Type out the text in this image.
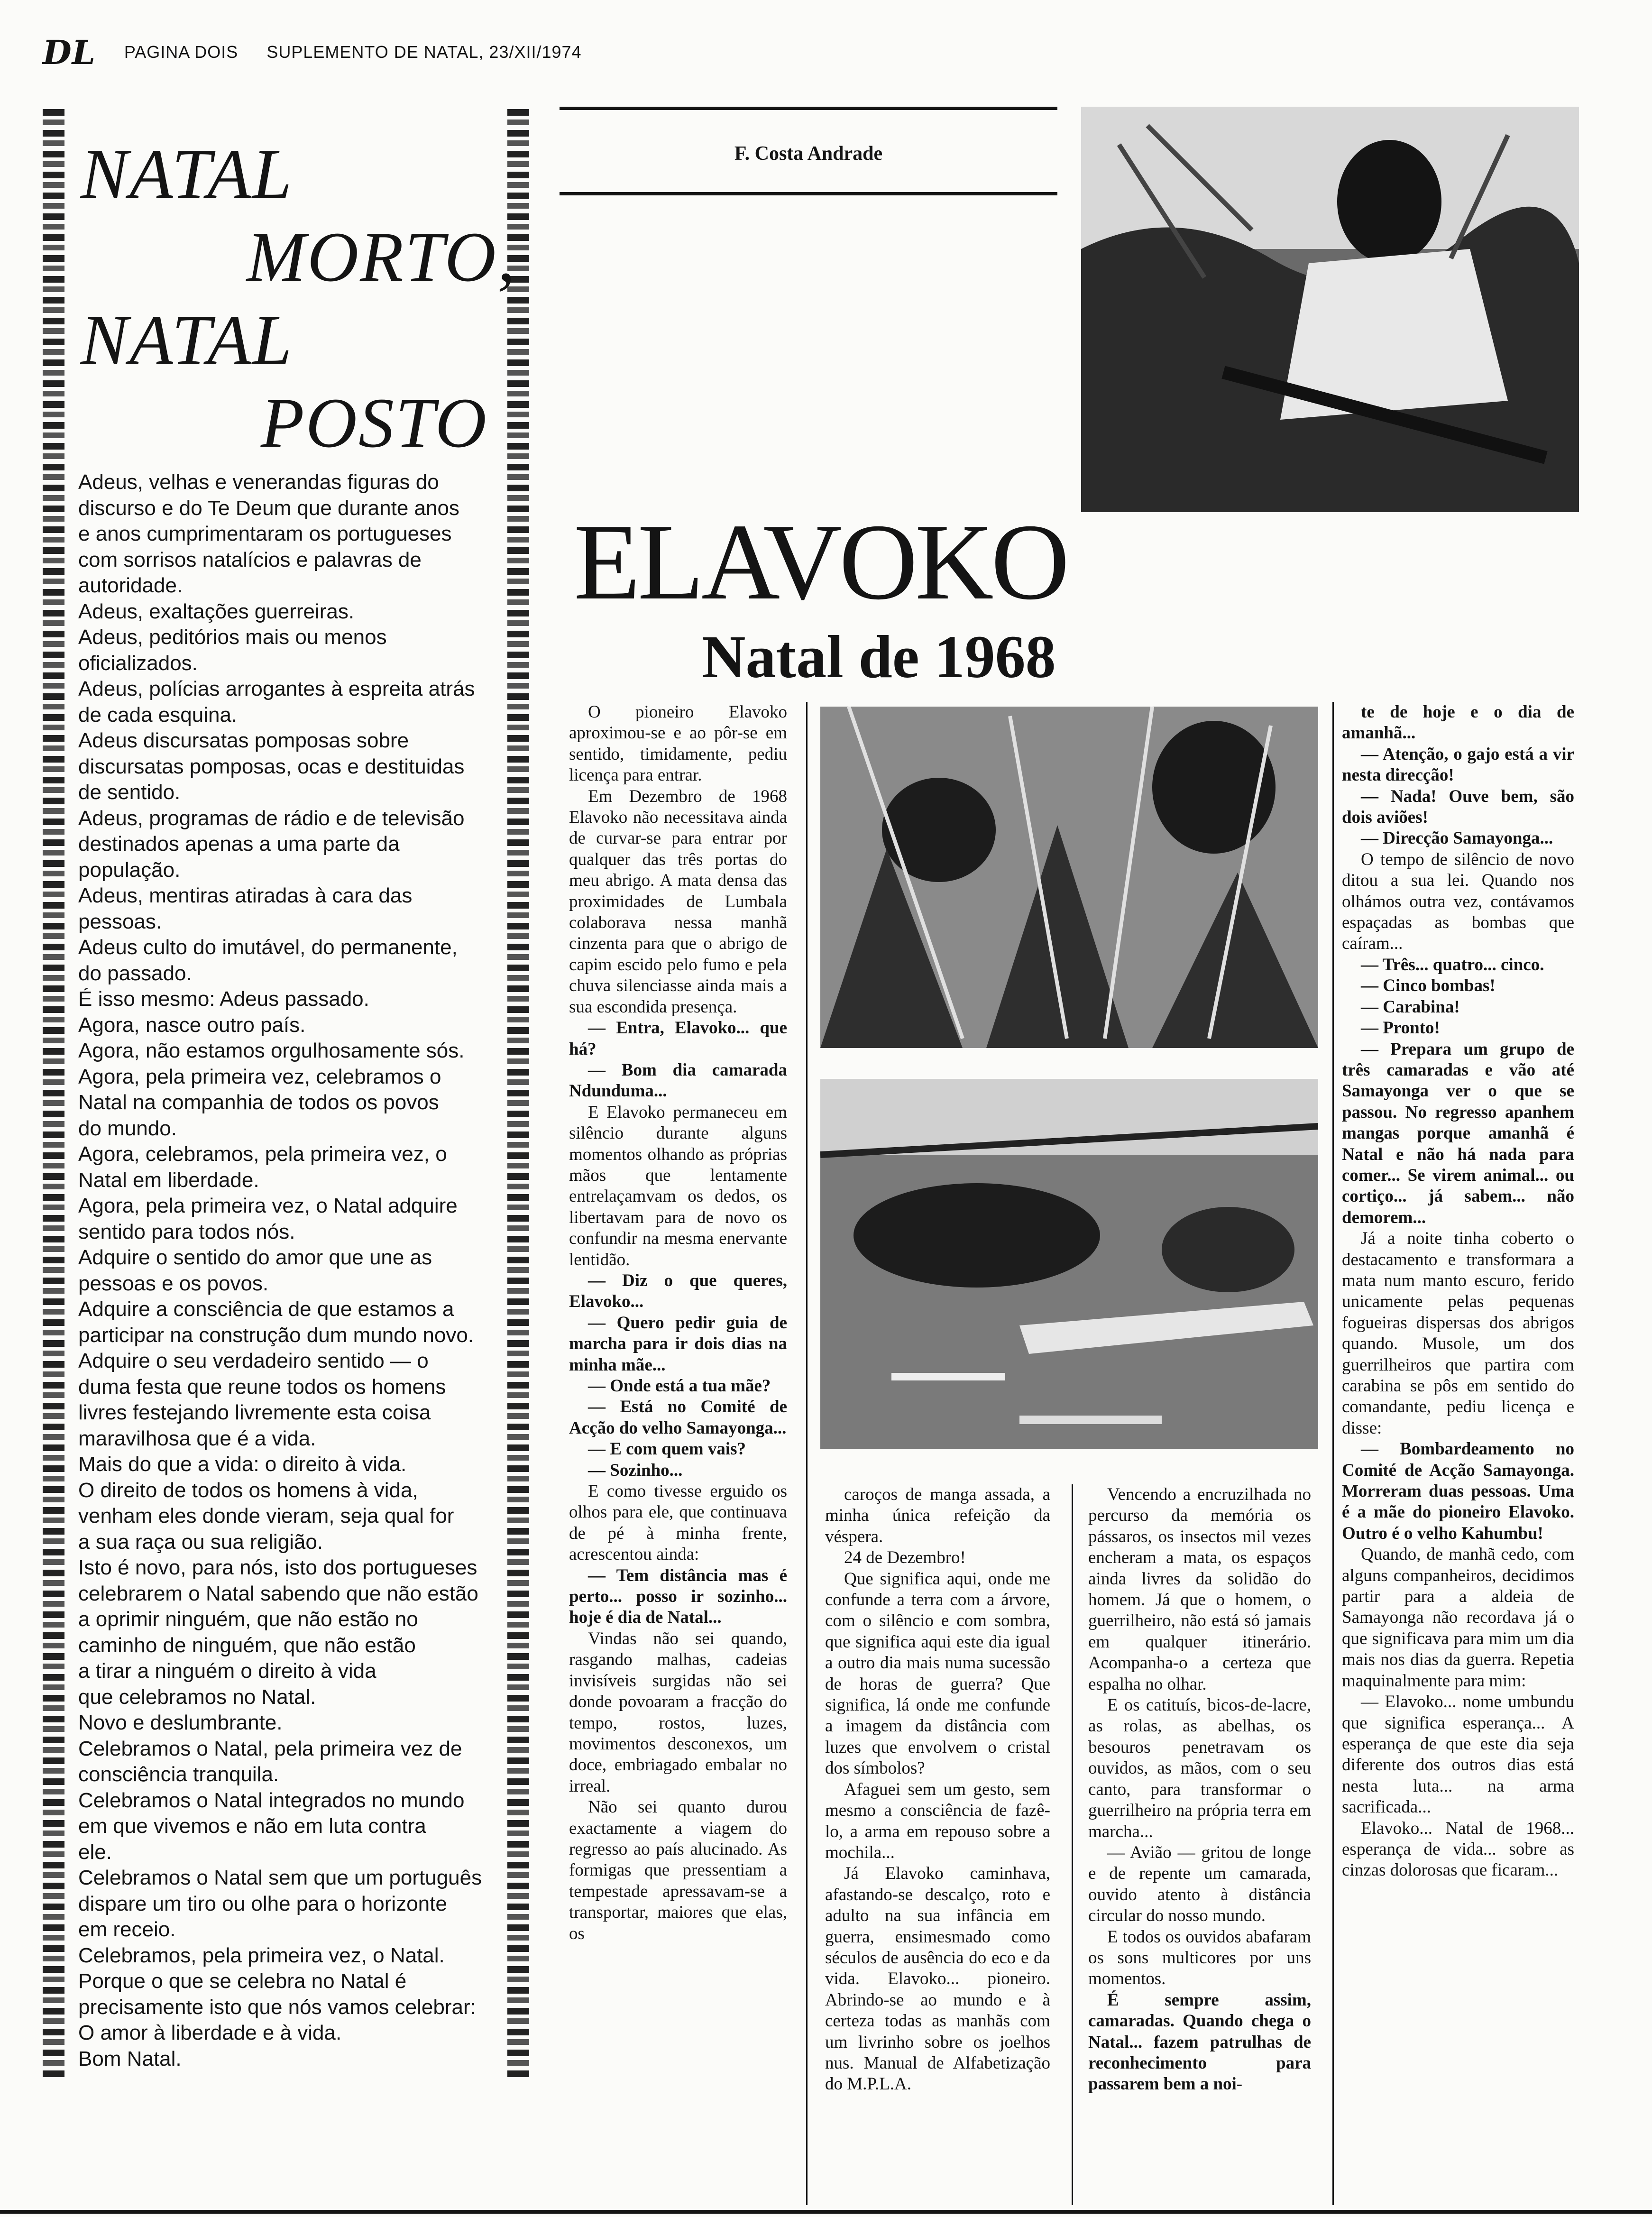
DL PAGINA DOIS SUPLEMENTO DE NATAL, 23/XII/1974
NATAL
MORTO,
NATAL
POSTO
Adeus, velhas e venerandas figuras do
discurso e do Te Deum que durante anos
e anos cumprimentaram os portugueses
com sorrisos natalícios e palavras de
autoridade.
Adeus, exaltações guerreiras.
Adeus, peditórios mais ou menos
oficializados.
Adeus, polícias arrogantes à espreita atrás
de cada esquina.
Adeus discursatas pomposas sobre
discursatas pomposas, ocas e destituidas
de sentido.
Adeus, programas de rádio e de televisão
destinados apenas a uma parte da
população.
Adeus, mentiras atiradas à cara das
pessoas.
Adeus culto do imutável, do permanente,
do passado.
É isso mesmo: Adeus passado.
Agora, nasce outro país.
Agora, não estamos orgulhosamente sós.
Agora, pela primeira vez, celebramos o
Natal na companhia de todos os povos
do mundo.
Agora, celebramos, pela primeira vez, o
Natal em liberdade.
Agora, pela primeira vez, o Natal adquire
sentido para todos nós.
Adquire o sentido do amor que une as
pessoas e os povos.
Adquire a consciência de que estamos a
participar na construção dum mundo novo.
Adquire o seu verdadeiro sentido — o
duma festa que reune todos os homens
livres festejando livremente esta coisa
maravilhosa que é a vida.
Mais do que a vida: o direito à vida.
O direito de todos os homens à vida,
venham eles donde vieram, seja qual for
a sua raça ou sua religião.
Isto é novo, para nós, isto dos portugueses
celebrarem o Natal sabendo que não estão
a oprimir ninguém, que não estão no
caminho de ninguém, que não estão
a tirar a ninguém o direito à vida
que celebramos no Natal.
Novo e deslumbrante.
Celebramos o Natal, pela primeira vez de
consciência tranquila.
Celebramos o Natal integrados no mundo
em que vivemos e não em luta contra
ele.
Celebramos o Natal sem que um português
dispare um tiro ou olhe para o horizonte
em receio.
Celebramos, pela primeira vez, o Natal.
Porque o que se celebra no Natal é
precisamente isto que nós vamos celebrar:
O amor à liberdade e à vida.
Bom Natal.
F. Costa Andrade
ELAVOKO
Natal de 1968

O pioneiro Elavoko aproximou-se e ao pôr-se em sentido, timidamente, pediu licença para entrar.

Em Dezembro de 1968 Elavoko não necessitava ainda de curvar-se para entrar por qualquer das três portas do meu abrigo. A mata densa das proximidades de Lumbala colaborava nessa manhã cinzenta para que o abrigo de capim escido pelo fumo e pela chuva silenciasse ainda mais a sua escondida presença.

— Entra, Elavoko... que há?

— Bom dia camarada Ndunduma...

E Elavoko permaneceu em silêncio durante alguns momentos olhando as próprias mãos que lentamente entrelaçamvam os dedos, os libertavam para de novo os confundir na mesma enervante lentidão.

— Diz o que queres, Elavoko...

— Quero pedir guia de marcha para ir dois dias na minha mãe...

— Onde está a tua mãe?

— Está no Comité de Acção do velho Samayonga...

— E com quem vais?

— Sozinho...

E como tivesse erguido os olhos para ele, que continuava de pé à minha frente, acrescentou ainda:

— Tem distância mas é perto... posso ir sozinho... hoje é dia de Natal...

Vindas não sei quando, rasgando malhas, cadeias invisíveis surgidas não sei donde povoaram a fracção do tempo, rostos, luzes, movimentos desconexos, um doce, embriagado embalar no irreal.

Não sei quanto durou exactamente a viagem do regresso ao país alucinado. As formigas que pressentiam a tempestade apressavam-se a transportar, maiores que elas, os

caroços de manga assada, a minha única refeição da véspera.

24 de Dezembro!

Que significa aqui, onde me confunde a terra com a árvore, com o silêncio e com sombra, que significa aqui este dia igual a outro dia mais numa sucessão de horas de guerra? Que significa, lá onde me confunde a imagem da distância com luzes que envolvem o cristal dos símbolos?

Afaguei sem um gesto, sem mesmo a consciência de fazê-lo, a arma em repouso sobre a mochila...

Já Elavoko caminhava, afastando-se descalço, roto e adulto na sua infância em guerra, ensimesmado como séculos de ausência do eco e da vida. Elavoko... pioneiro. Abrindo-se ao mundo e à certeza todas as manhãs com um livrinho sobre os joelhos nus. Manual de Alfabetização do M.P.L.A.

Vencendo a encruzilhada no percurso da memória os pássaros, os insectos mil vezes encheram a mata, os espaços ainda livres da solidão do homem. Já que o homem, o guerrilheiro, não está só jamais em qualquer itinerário. Acompanha-o a certeza que espalha no olhar.

E os catituís, bicos-de-lacre, as rolas, as abelhas, os besouros penetravam os ouvidos, as mãos, com o seu canto, para transformar o guerrilheiro na própria terra em marcha...

— Avião — gritou de longe e de repente um camarada, ouvido atento à distância circular do nosso mundo.

E todos os ouvidos abafaram os sons multicores por uns momentos.

É sempre assim, camaradas. Quando chega o Natal... fazem patrulhas de reconhecimento para passarem bem a noi-

te de hoje e o dia de amanhã...

— Atenção, o gajo está a vir nesta direcção!

— Nada! Ouve bem, são dois aviões!

— Direcção Samayonga...

O tempo de silêncio de novo ditou a sua lei. Quando nos olhámos outra vez, contávamos espaçadas as bombas que caíram...

— Três... quatro... cinco.

— Cinco bombas!

— Carabina!

— Pronto!

— Prepara um grupo de três camaradas e vão até Samayonga ver o que se passou. No regresso apanhem mangas porque amanhã é Natal e não há nada para comer... Se virem animal... ou cortiço... já sabem... não demorem...

Já a noite tinha coberto o destacamento e transformara a mata num manto escuro, ferido unicamente pelas pequenas fogueiras dispersas dos abrigos quando. Musole, um dos guerrilheiros que partira com carabina se pôs em sentido do comandante, pediu licença e disse:

— Bombardeamento no Comité de Acção Samayonga. Morreram duas pessoas. Uma é a mãe do pioneiro Elavoko. Outro é o velho Kahumbu!

Quando, de manhã cedo, com alguns companheiros, decidimos partir para a aldeia de Samayonga não recordava já o que significava para mim um dia mais nos dias da guerra. Repetia maquinalmente para mim:

— Elavoko... nome umbundu que significa esperança... A esperança de que este dia seja diferente dos outros dias está nesta luta... na arma sacrificada...

Elavoko... Natal de 1968... esperança de vida... sobre as cinzas dolorosas que ficaram...
